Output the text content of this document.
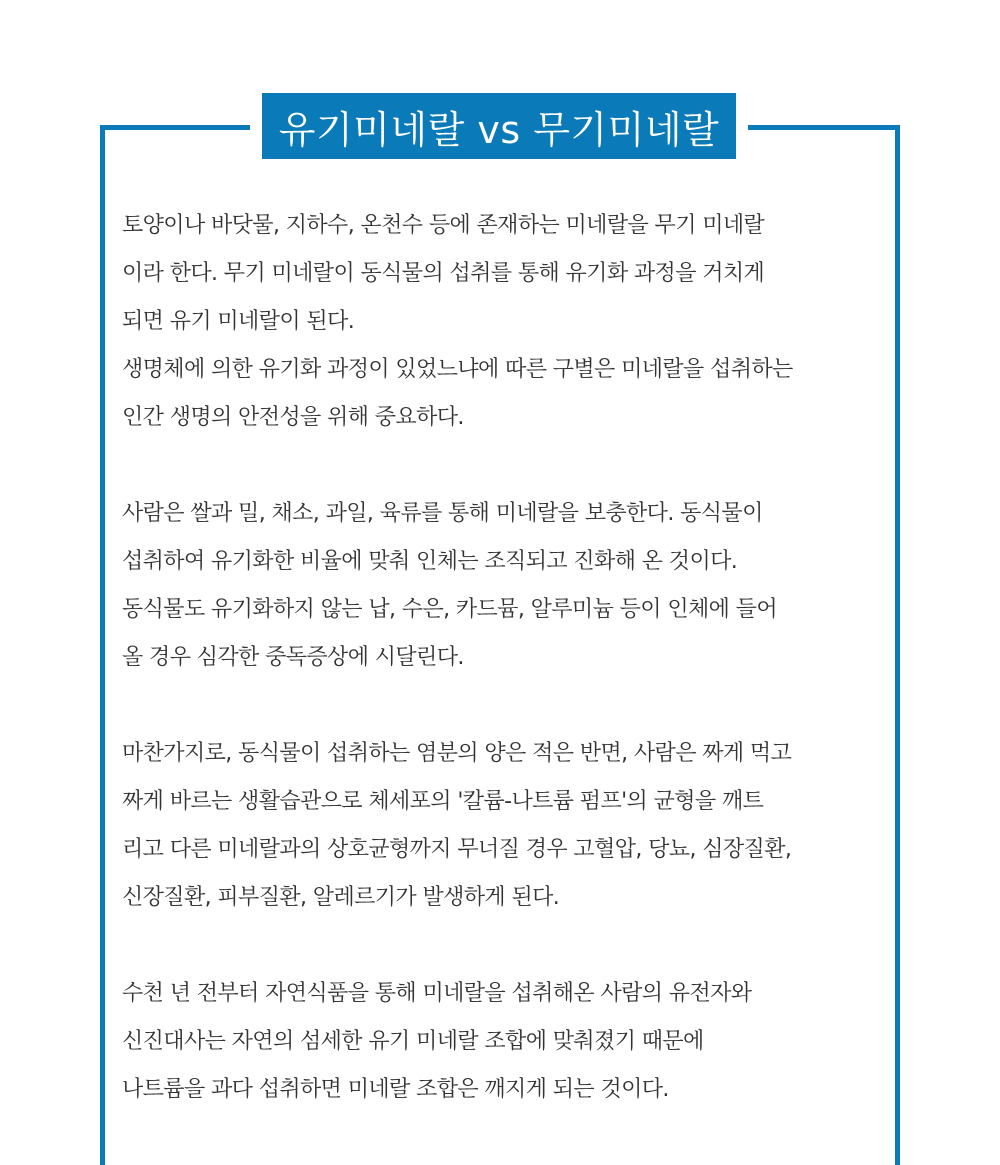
유기미네랄 vs 무기미네랄
토양이나 바닷물, 지하수, 온천수 등에 존재하는 미네랄을 무기 미네랄
이라 한다. 무기 미네랄이 동식물의 섭취를 통해 유기화 과정을 거치게
되면 유기 미네랄이 된다.
생명체에 의한 유기화 과정이 있었느냐에 따른 구별은 미네랄을 섭취하는
인간 생명의 안전성을 위해 중요하다.
사람은 쌀과 밀, 채소, 과일, 육류를 통해 미네랄을 보충한다. 동식물이
섭취하여 유기화한 비율에 맞춰 인체는 조직되고 진화해 온 것이다.
동식물도 유기화하지 않는 납, 수은, 카드뮴, 알루미늄 등이 인체에 들어
올 경우 심각한 중독증상에 시달린다.
마찬가지로, 동식물이 섭취하는 염분의 양은 적은 반면, 사람은 짜게 먹고
짜게 바르는 생활습관으로 체세포의 '칼륨-나트륨 펌프'의 균형을 깨트
리고 다른 미네랄과의 상호균형까지 무너질 경우 고혈압, 당뇨, 심장질환,
신장질환, 피부질환, 알레르기가 발생하게 된다.
수천 년 전부터 자연식품을 통해 미네랄을 섭취해온 사람의 유전자와
신진대사는 자연의 섬세한 유기 미네랄 조합에 맞춰졌기 때문에
나트륨을 과다 섭취하면 미네랄 조합은 깨지게 되는 것이다.
